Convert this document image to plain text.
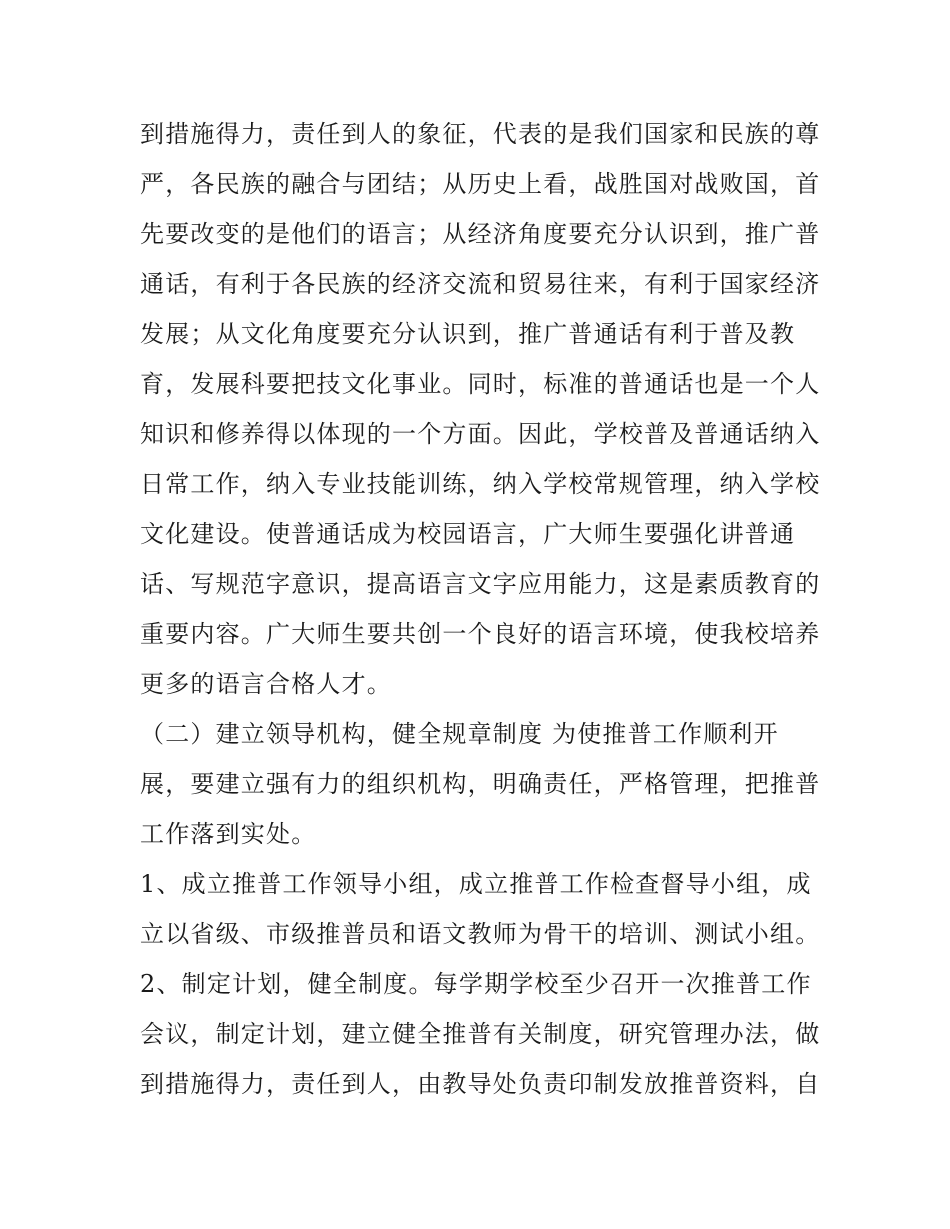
到措施得力，责任到人的象征，代表的是我们国家和民族的尊
严，各民族的融合与团结；从历史上看，战胜国对战败国，首
先要改变的是他们的语言；从经济角度要充分认识到，推广普
通话，有利于各民族的经济交流和贸易往来，有利于国家经济
发展；从文化角度要充分认识到，推广普通话有利于普及教
育，发展科要把技文化事业。同时，标准的普通话也是一个人
知识和修养得以体现的一个方面。因此，学校普及普通话纳入
日常工作，纳入专业技能训练，纳入学校常规管理，纳入学校
文化建设。使普通话成为校园语言，广大师生要强化讲普通
话、写规范字意识，提高语言文字应用能力，这是素质教育的
重要内容。广大师生要共创一个良好的语言环境，使我校培养
更多的语言合格人才。
（二）建立领导机构，健全规章制度 为使推普工作顺利开
展，要建立强有力的组织机构，明确责任，严格管理，把推普
工作落到实处。
1、成立推普工作领导小组，成立推普工作检查督导小组，成
立以省级、市级推普员和语文教师为骨干的培训、测试小组。
2、制定计划，健全制度。每学期学校至少召开一次推普工作
会议，制定计划，建立健全推普有关制度，研究管理办法，做
到措施得力，责任到人，由教导处负责印制发放推普资料，自
